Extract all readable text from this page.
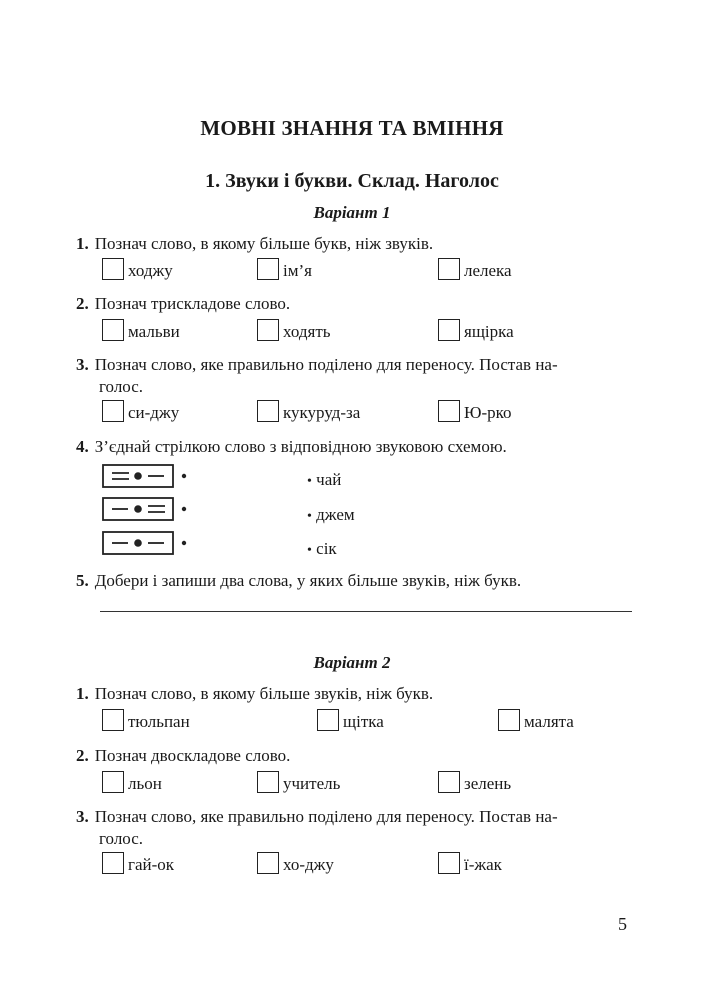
МОВНІ ЗНАННЯ ТА ВМІННЯ
1. Звуки і букви. Склад. Наголос
Варіант 1
1. Познач слово, в якому більше букв, ніж звуків.
ходжу	ім’я	лелека
2. Познач трискладове слово.
мальви	ходять	ящірка
3. Познач слово, яке правильно поділено для переносу. Постав на-
голос.
си-джу	кукуруд-за	Ю-рко
4. З’єднай стрілкою слово з відповідною звуковою схемою.
• чай
• джем
• сік
5. Добери і запиши два слова, у яких більше звуків, ніж букв.
Варіант 2
1. Познач слово, в якому більше звуків, ніж букв.
тюльпан	щітка	малята
2. Познач двоскладове слово.
льон	учитель	зелень
3. Познач слово, яке правильно поділено для переносу. Постав на-
голос.
гай-ок	хо-джу	ї-жак
5
